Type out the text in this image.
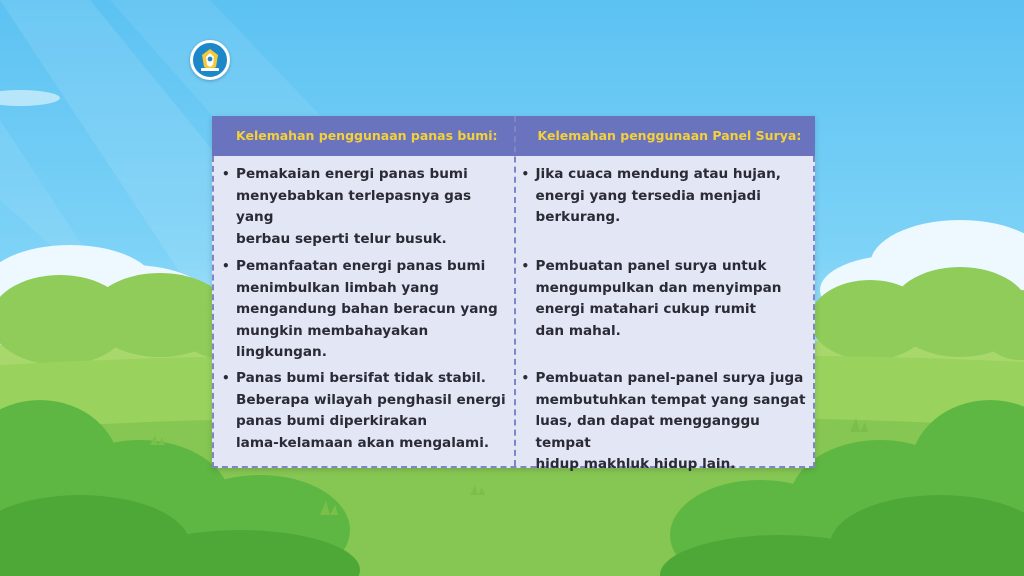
Kelemahan penggunaan panas bumi:	Kelemahan penggunaan Panel Surya:
• Pemakaian energi panas bumi
menyebabkan terlepasnya gas yang
berbau seperti telur busuk.
• Pemanfaatan energi panas bumi
menimbulkan limbah yang
mengandung bahan beracun yang
mungkin membahayakan lingkungan.
• Panas bumi bersifat tidak stabil.
Beberapa wilayah penghasil energi
panas bumi diperkirakan
lama-kelamaan akan mengalami.
• Jika cuaca mendung atau hujan,
energi yang tersedia menjadi
berkurang.
• Pembuatan panel surya untuk
mengumpulkan dan menyimpan
energi matahari cukup rumit
dan mahal.
• Pembuatan panel-panel surya juga
membutuhkan tempat yang sangat
luas, dan dapat mengganggu tempat
hidup makhluk hidup lain.
